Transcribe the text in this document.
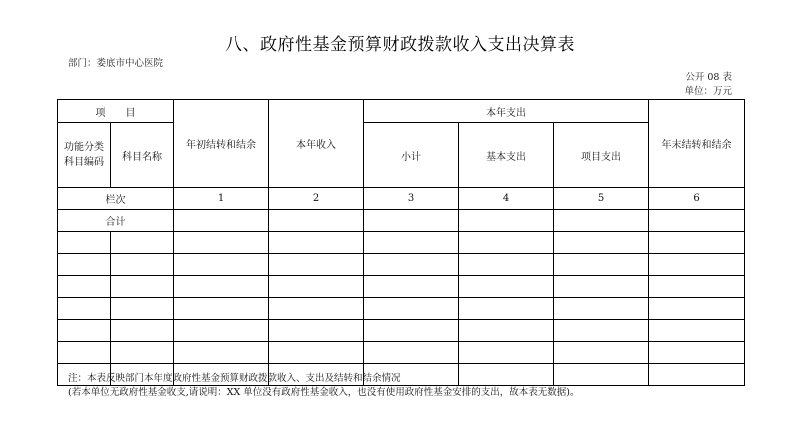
八、政府性基金预算财政拨款收入支出决算表
部门：娄底市中心医院
公开 08 表
单位：万元
项　　目		年初结转和结余	本年收入	本年支出			年末结转和结余

功能分类
科目编码	科目名称			小计	基本支出	项目支出	
栏次		1	2	3	4	5	6
合计							

注：本表反映部门本年度政府性基金预算财政拨款收入、支出及结转和结余情况
(若本单位无政府性基金收支,请说明：XX 单位没有政府性基金收入，也没有使用政府性基金安排的支出，故本表无数据)。
